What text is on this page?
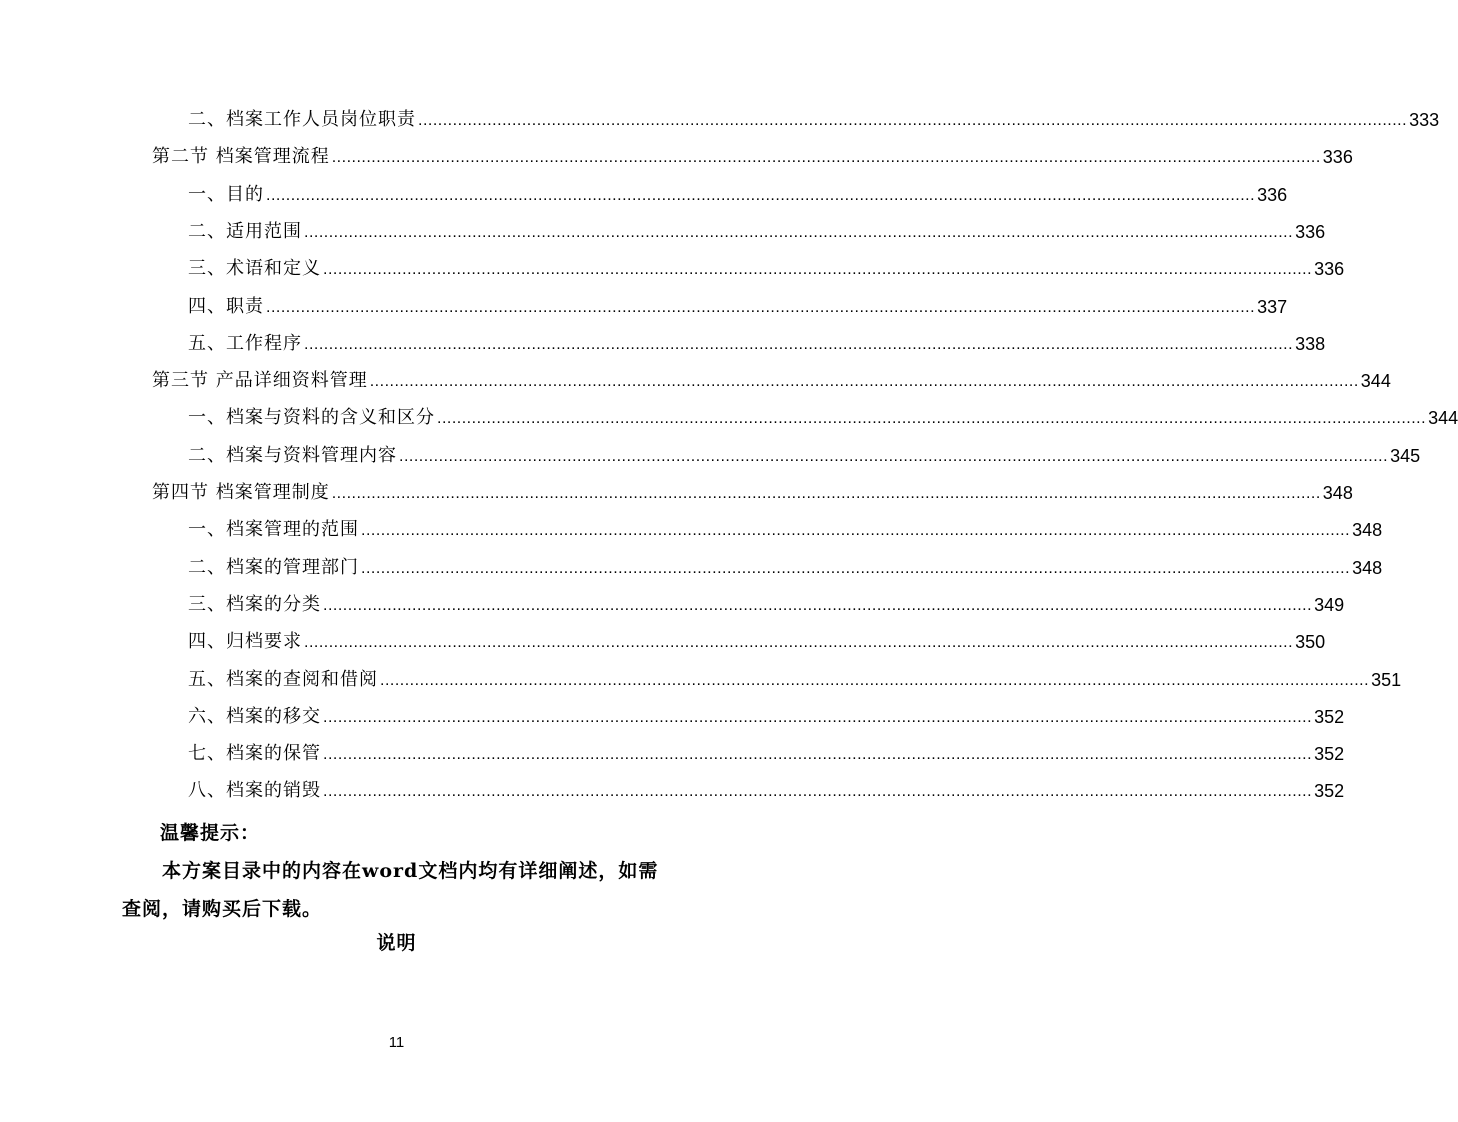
二、档案工作人员岗位职责 ........................................................................................................................................................................................................ 333
第二节 档案管理流程 ........................................................................................................................................................................................................ 336
一、目的 ........................................................................................................................................................................................................ 336
二、适用范围 ........................................................................................................................................................................................................ 336
三、术语和定义 ........................................................................................................................................................................................................ 336
四、职责 ........................................................................................................................................................................................................ 337
五、工作程序 ........................................................................................................................................................................................................ 338
第三节 产品详细资料管理 ........................................................................................................................................................................................................ 344
一、档案与资料的含义和区分 ........................................................................................................................................................................................................ 344
二、档案与资料管理内容 ........................................................................................................................................................................................................ 345
第四节 档案管理制度 ........................................................................................................................................................................................................ 348
一、档案管理的范围 ........................................................................................................................................................................................................ 348
二、档案的管理部门 ........................................................................................................................................................................................................ 348
三、档案的分类 ........................................................................................................................................................................................................ 349
四、归档要求 ........................................................................................................................................................................................................ 350
五、档案的查阅和借阅 ........................................................................................................................................................................................................ 351
六、档案的移交 ........................................................................................................................................................................................................ 352
七、档案的保管 ........................................................................................................................................................................................................ 352
八、档案的销毁 ........................................................................................................................................................................................................ 352
温馨提示：
本方案目录中的内容在word文档内均有详细阐述，如需查阅，请购买后下载。
说明
11
